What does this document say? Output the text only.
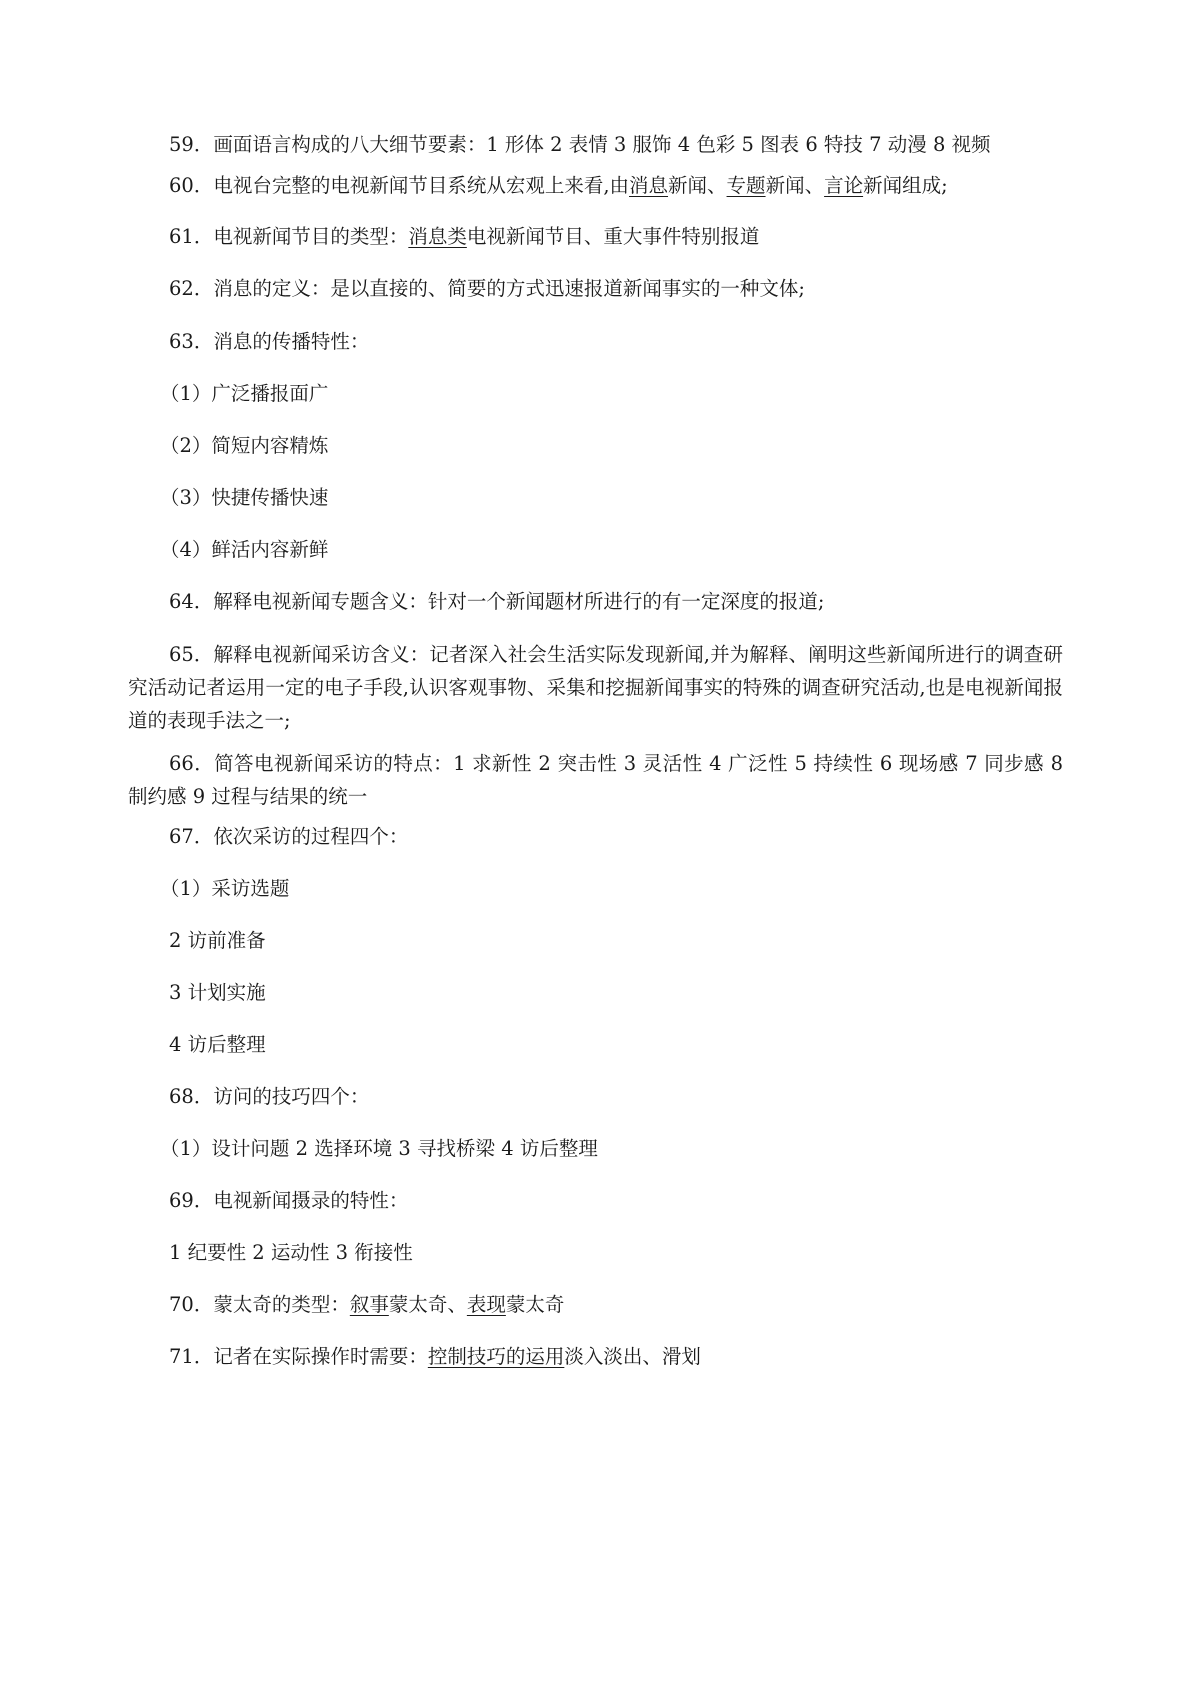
59．画面语言构成的八大细节要素：1 形体 2 表情 3 服饰 4 色彩 5 图表 6 特技 7 动漫 8 视频

60．电视台完整的电视新闻节目系统从宏观上来看,由消息新闻、专题新闻、言论新闻组成;

61．电视新闻节目的类型：消息类电视新闻节目、重大事件特别报道

62．消息的定义：是以直接的、简要的方式迅速报道新闻事实的一种文体;

63．消息的传播特性：

（1）广泛播报面广

（2）简短内容精炼

（3）快捷传播快速

（4）鲜活内容新鲜

64．解释电视新闻专题含义：针对一个新闻题材所进行的有一定深度的报道;

65．解释电视新闻采访含义：记者深入社会生活实际发现新闻,并为解释、阐明这些新闻所进行的调查研究活动记者运用一定的电子手段,认识客观事物、采集和挖掘新闻事实的特殊的调查研究活动,也是电视新闻报道的表现手法之一;

66．简答电视新闻采访的特点：1 求新性 2 突击性 3 灵活性 4 广泛性 5 持续性 6 现场感 7 同步感 8 制约感 9 过程与结果的统一

67．依次采访的过程四个：

（1）采访选题

2 访前准备

3 计划实施

4 访后整理

68．访问的技巧四个：

（1）设计问题 2 选择环境 3 寻找桥梁 4 访后整理

69．电视新闻摄录的特性：

1 纪要性 2 运动性 3 衔接性

70．蒙太奇的类型：叙事蒙太奇、表现蒙太奇

71．记者在实际操作时需要：控制技巧的运用淡入淡出、滑划
